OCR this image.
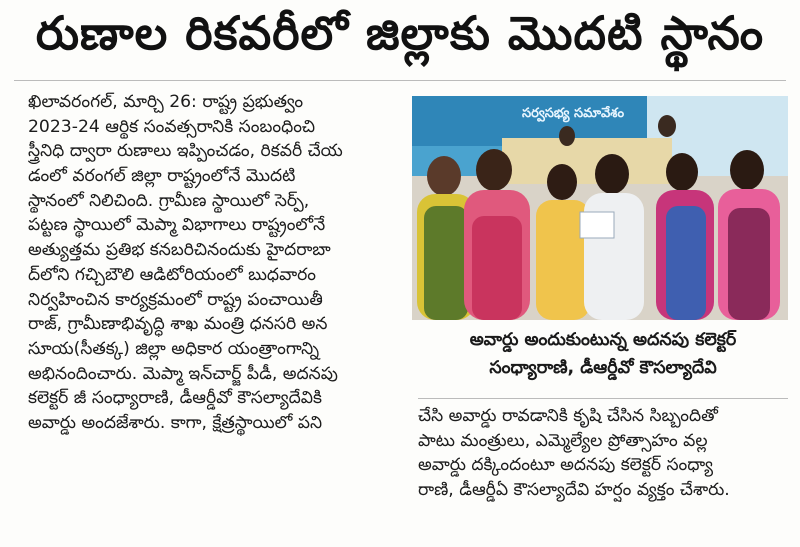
రుణాల రికవరీలో జిల్లాకు మొదటి స్థానం
ఖిలావరంగల్, మార్చి 26: రాష్ట్ర ప్రభుత్వం
2023-24 ఆర్థిక సంవత్సరానికి సంబంధించి
స్త్రీనిధి ద్వారా రుణాలు ఇప్పించడం, రికవరీ చేయ
డంలో వరంగల్ జిల్లా రాష్ట్రంలోనే మొదటి
స్థానంలో నిలిచింది. గ్రామీణ స్థాయిలో సెర్ప్,
పట్టణ స్థాయిలో మెప్మా విభాగాలు రాష్ట్రంలోనే
అత్యుత్తమ ప్రతిభ కనబరిచినందుకు హైదరాబా
ద్‌లోని గచ్చిబౌలి ఆడిటోరియంలో బుధవారం
నిర్వహించిన కార్యక్రమంలో రాష్ట్ర పంచాయితీ
రాజ్, గ్రామీణాభివృద్ధి శాఖ మంత్రి ధనసరి అన
సూయ(సీతక్క) జిల్లా అధికార యంత్రాంగాన్ని
అభినందించారు. మెప్మా ఇన్‌చార్జ్ పీడీ, అదనపు
కలెక్టర్ జీ సంధ్యారాణి, డీఆర్డీవో కౌసల్యాదేవికి
అవార్డు అందజేశారు. కాగా, క్షేత్రస్థాయిలో పని
సర్వసభ్య సమావేశం
అవార్డు అందుకుంటున్న అదనపు కలెక్టర్
సంధ్యారాణి, డీఆర్డీవో కౌసల్యాదేవి
చేసి అవార్డు రావడానికి కృషి చేసిన సిబ్బందితో
పాటు మంత్రులు, ఎమ్మెల్యేల ప్రోత్సాహం వల్ల
అవార్డు దక్కిందంటూ అదనపు కలెక్టర్ సంధ్యా
రాణి, డీఆర్డీఏ కౌసల్యాదేవి హర్షం వ్యక్తం చేశారు.
